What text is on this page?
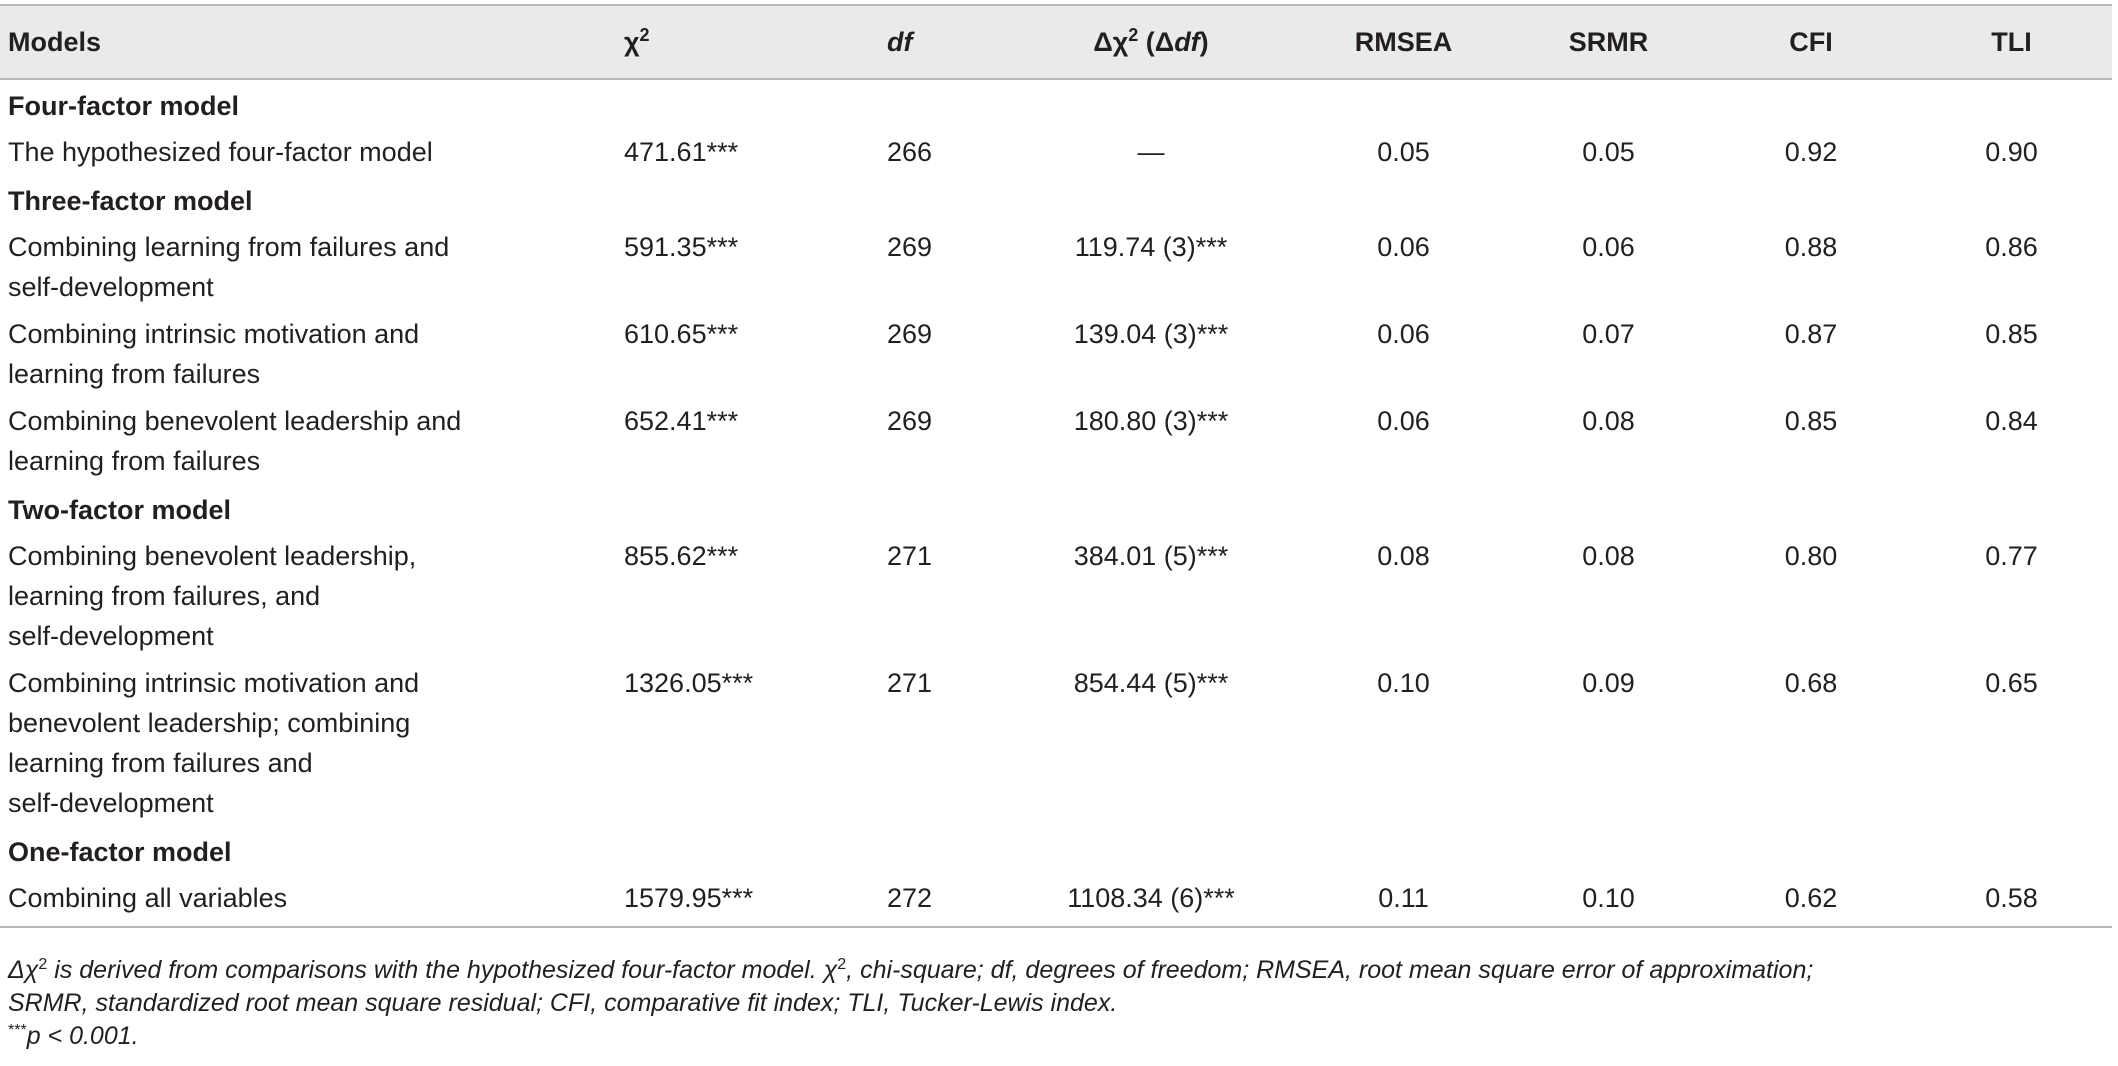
Models	$\chi^2$	df	$\Delta\chi^2$ (Δdf)	RMSEA	SRMR	CFI	TLI
Four-factor model							
The hypothesized four-factor model	471.61***	266	—	0.05	0.05	0.92	0.90
Three-factor model							

Combining learning from failures and
self-development	591.35***	269	119.74 (3)***	0.06	0.06	0.88	0.86

Combining intrinsic motivation and
learning from failures	610.65***	269	139.04 (3)***	0.06	0.07	0.87	0.85

Combining benevolent leadership and
learning from failures	652.41***	269	180.80 (3)***	0.06	0.08	0.85	0.84
Two-factor model							

Combining benevolent leadership,
learning from failures, and
self-development	855.62***	271	384.01 (5)***	0.08	0.08	0.80	0.77

Combining intrinsic motivation and
benevolent leadership; combining
learning from failures and
self-development	1326.05***	271	854.44 (5)***	0.10	0.09	0.68	0.65
One-factor model							
Combining all variables	1579.95***	272	1108.34 (6)***	0.11	0.10	0.62	0.58

$\Delta\chi^2$ is derived from comparisons with the hypothesized four-factor model. $\chi^2$, chi-square; df, degrees of freedom; RMSEA, root mean square error of approximation;

SRMR, standardized root mean square residual; CFI, comparative fit index; TLI, Tucker-Lewis index.

***p < 0.001.
